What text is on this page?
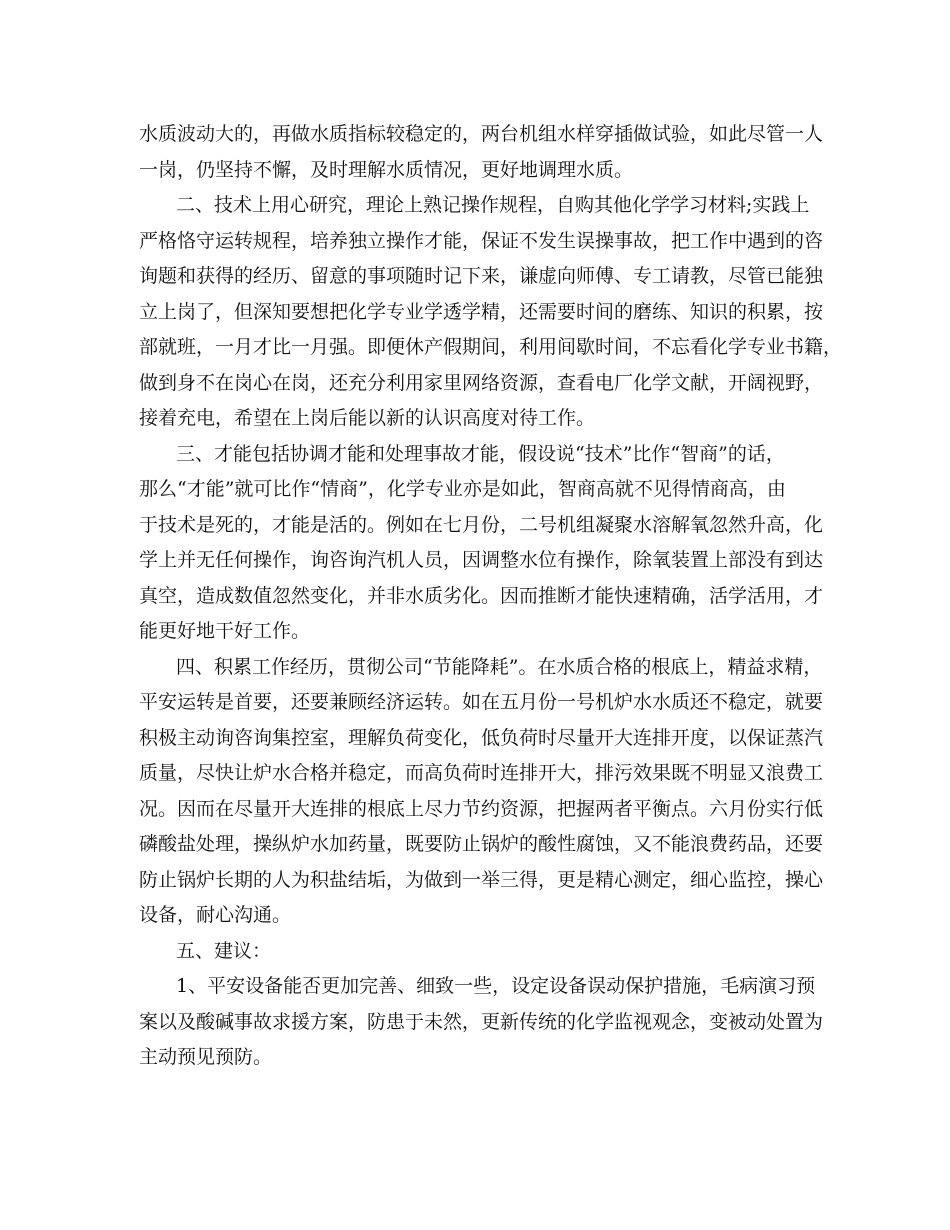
水质波动大的，再做水质指标较稳定的，两台机组水样穿插做试验，如此尽管一人
一岗，仍坚持不懈，及时理解水质情况，更好地调理水质。
二、技术上用心研究，理论上熟记操作规程，自购其他化学学习材料;实践上
严格恪守运转规程，培养独立操作才能，保证不发生误操事故，把工作中遇到的咨
询题和获得的经历、留意的事项随时记下来，谦虚向师傅、专工请教，尽管已能独
立上岗了，但深知要想把化学专业学透学精，还需要时间的磨练、知识的积累，按
部就班，一月才比一月强。即便休产假期间，利用间歇时间，不忘看化学专业书籍，
做到身不在岗心在岗，还充分利用家里网络资源，查看电厂化学文献，开阔视野，
接着充电，希望在上岗后能以新的认识高度对待工作。
三、才能包括协调才能和处理事故才能，假设说“技术”比作“智商”的话，
那么“才能”就可比作“情商”，化学专业亦是如此，智商高就不见得情商高，由
于技术是死的，才能是活的。例如在七月份，二号机组凝聚水溶解氧忽然升高，化
学上并无任何操作，询咨询汽机人员，因调整水位有操作，除氧装置上部没有到达
真空，造成数值忽然变化，并非水质劣化。因而推断才能快速精确，活学活用，才
能更好地干好工作。
四、积累工作经历，贯彻公司“节能降耗”。在水质合格的根底上，精益求精，
平安运转是首要，还要兼顾经济运转。如在五月份一号机炉水水质还不稳定，就要
积极主动询咨询集控室，理解负荷变化，低负荷时尽量开大连排开度，以保证蒸汽
质量，尽快让炉水合格并稳定，而高负荷时连排开大，排污效果既不明显又浪费工
况。因而在尽量开大连排的根底上尽力节约资源，把握两者平衡点。六月份实行低
磷酸盐处理，操纵炉水加药量，既要防止锅炉的酸性腐蚀，又不能浪费药品，还要
防止锅炉长期的人为积盐结垢，为做到一举三得，更是精心测定，细心监控，操心
设备，耐心沟通。
五、建议：
1、平安设备能否更加完善、细致一些，设定设备误动保护措施，毛病演习预
案以及酸碱事故求援方案，防患于未然，更新传统的化学监视观念，变被动处置为
主动预见预防。
